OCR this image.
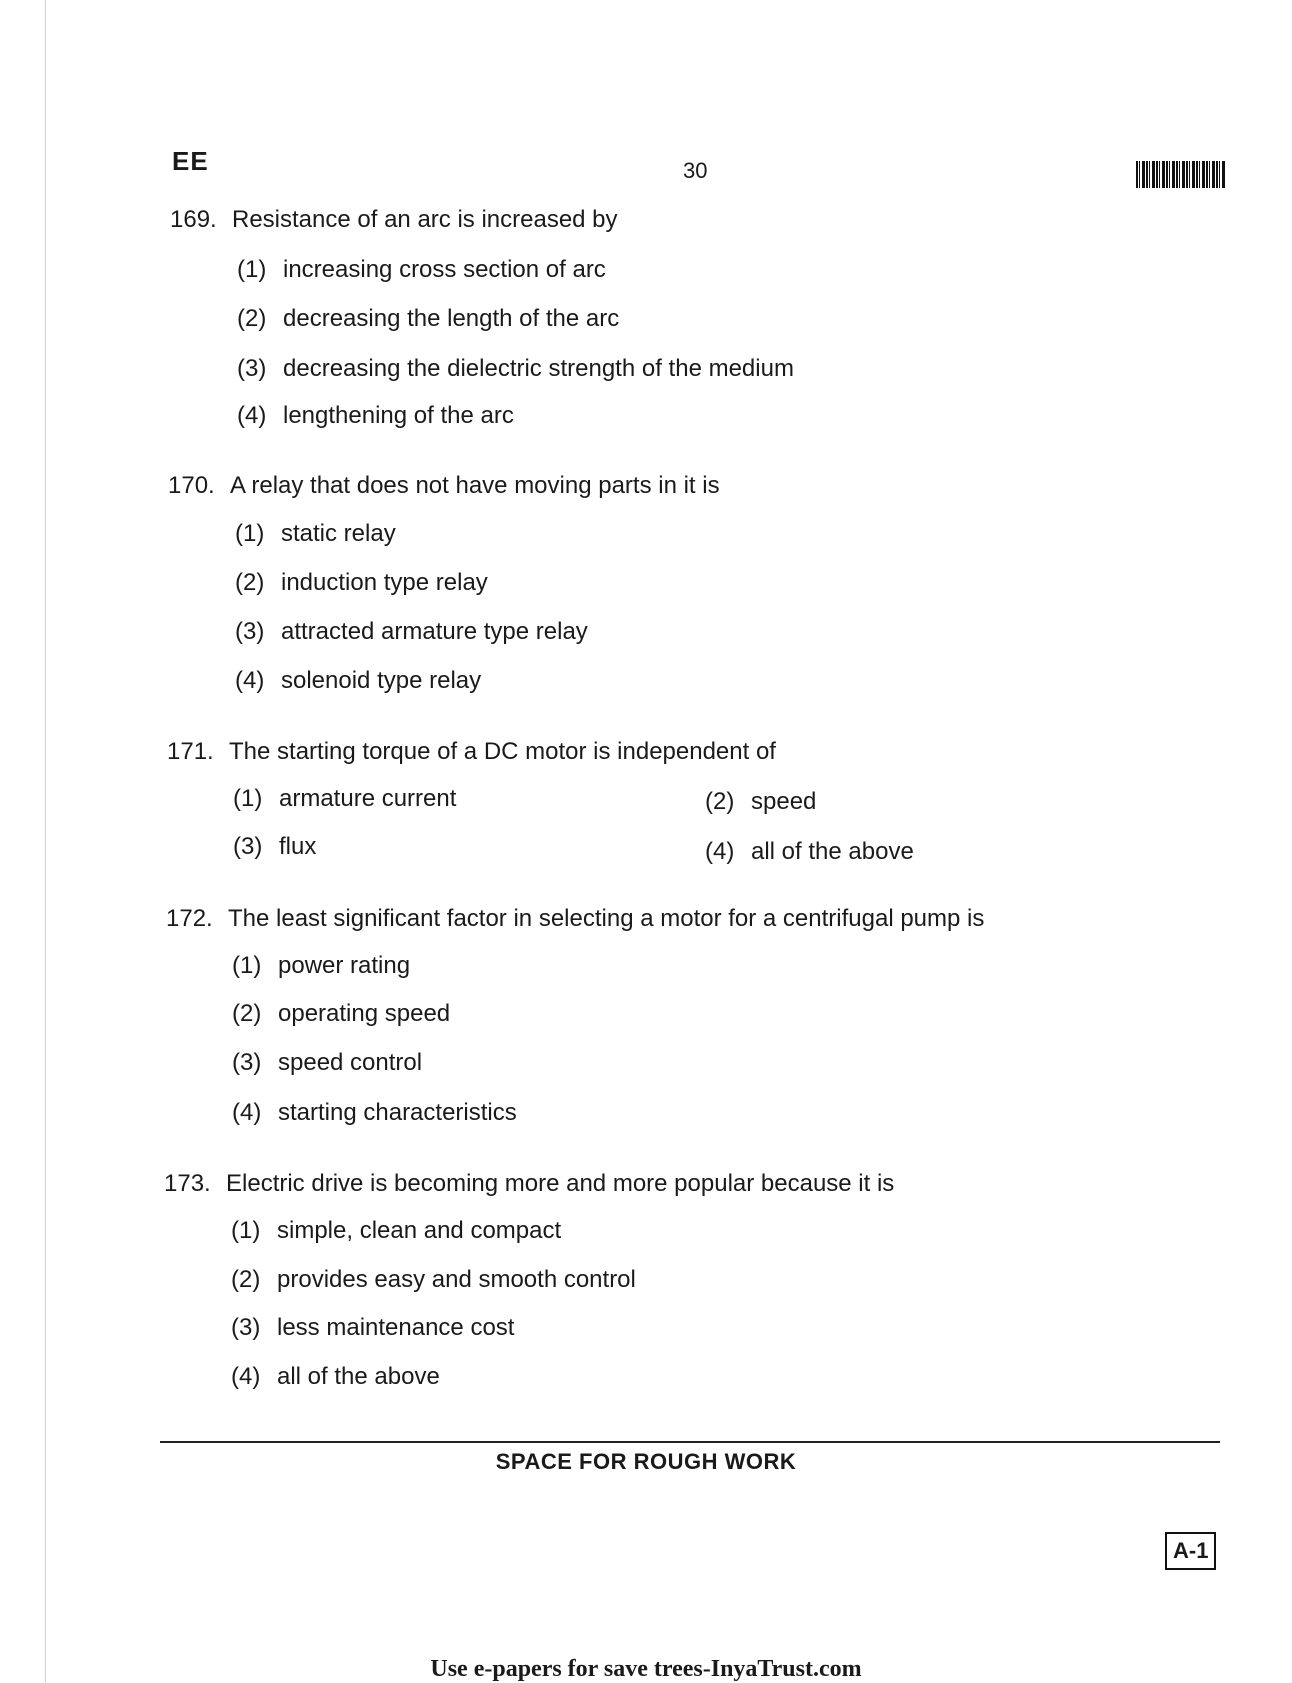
EE	30
169. Resistance of an arc is increased by
(1) increasing cross section of arc
(2) decreasing the length of the arc
(3) decreasing the dielectric strength of the medium
(4) lengthening of the arc
170. A relay that does not have moving parts in it is
(1) static relay
(2) induction type relay
(3) attracted armature type relay
(4) solenoid type relay
171. The starting torque of a DC motor is independent of
(1) armature current	(2) speed
(3) flux	(4) all of the above
172. The least significant factor in selecting a motor for a centrifugal pump is
(1) power rating
(2) operating speed
(3) speed control
(4) starting characteristics
173. Electric drive is becoming more and more popular because it is
(1) simple, clean and compact
(2) provides easy and smooth control
(3) less maintenance cost
(4) all of the above
SPACE FOR ROUGH WORK
A-1
Use e-papers for save trees-InyaTrust.com
